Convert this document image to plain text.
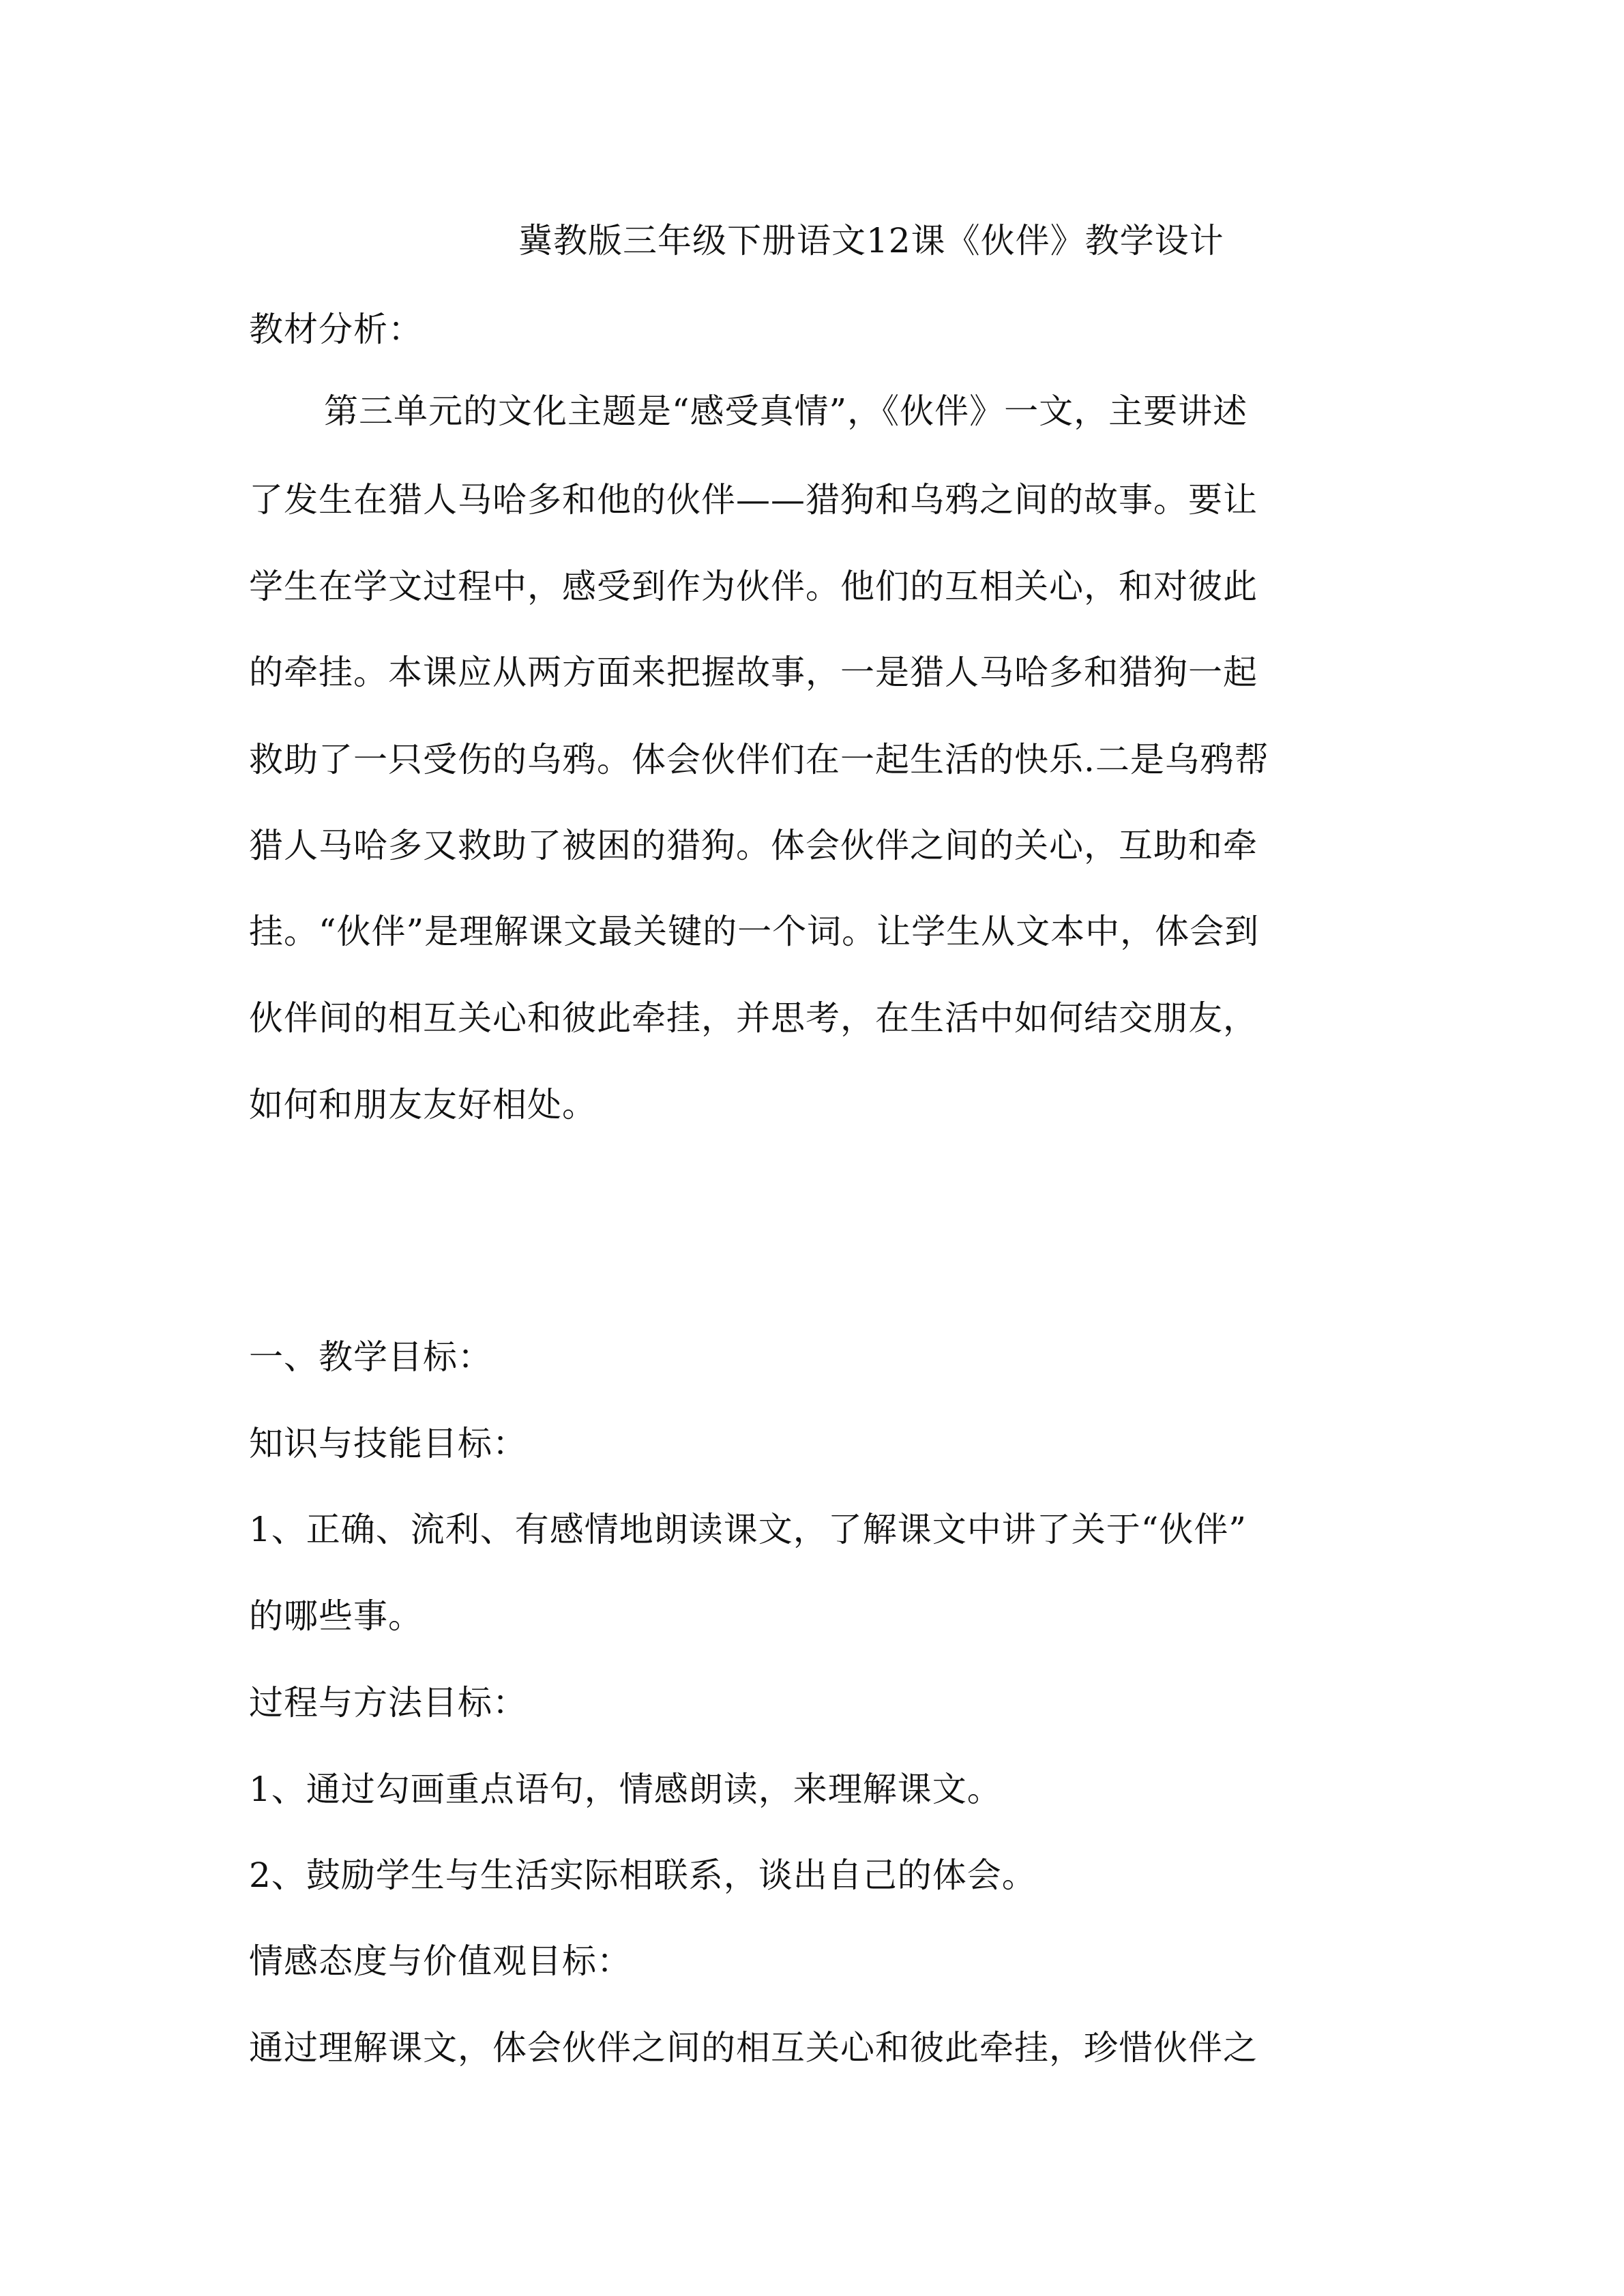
冀教版三年级下册语文12课《伙伴》教学设计
教材分析：
第三单元的文化主题是“感受真情”，《伙伴》一文，主要讲述
了发生在猎人马哈多和他的伙伴——猎狗和乌鸦之间的故事。要让
学生在学文过程中，感受到作为伙伴。他们的互相关心，和对彼此
的牵挂。本课应从两方面来把握故事，一是猎人马哈多和猎狗一起
救助了一只受伤的乌鸦。体会伙伴们在一起生活的快乐.二是乌鸦帮
猎人马哈多又救助了被困的猎狗。体会伙伴之间的关心，互助和牵
挂。“伙伴”是理解课文最关键的一个词。让学生从文本中，体会到
伙伴间的相互关心和彼此牵挂，并思考，在生活中如何结交朋友，
如何和朋友友好相处。
一、教学目标：
知识与技能目标：
1、正确、流利、有感情地朗读课文，了解课文中讲了关于“伙伴”
的哪些事。
过程与方法目标：
1、通过勾画重点语句，情感朗读，来理解课文。
2、鼓励学生与生活实际相联系，谈出自己的体会。
情感态度与价值观目标：
通过理解课文，体会伙伴之间的相互关心和彼此牵挂，珍惜伙伴之
